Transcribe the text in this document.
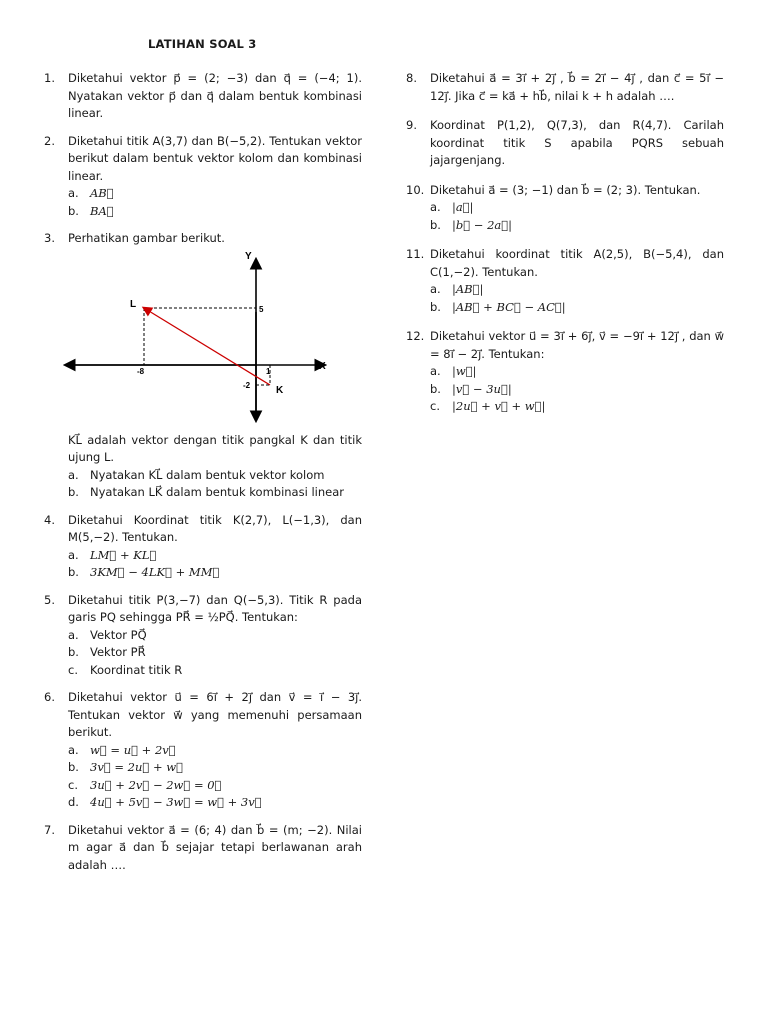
LATIHAN SOAL 3
1. Diketahui vektor p⃗ = (2; −3) dan q⃗ = (−4; 1). Nyatakan vektor p⃗ dan q⃗ dalam bentuk kombinasi linear.
2. Diketahui titik A(3,7) dan B(−5,2). Tentukan vektor berikut dalam bentuk vektor kolom dan kombinasi linear.
a. AB⃗
b. BA⃗
3. Perhatikan gambar berikut.
Y
X
L
K
5
-8
-2
1
KL⃗ adalah vektor dengan titik pangkal K dan titik ujung L.
a. Nyatakan KL⃗ dalam bentuk vektor kolom
b. Nyatakan LK⃗ dalam bentuk kombinasi linear
4. Diketahui Koordinat titik K(2,7), L(−1,3), dan M(5,−2). Tentukan.
a. LM⃗ + KL⃗
b. 3KM⃗ − 4LK⃗ + MM⃗
5. Diketahui titik P(3,−7) dan Q(−5,3). Titik R pada garis PQ sehingga PR⃗ = ½PQ⃗. Tentukan:
a. Vektor PQ⃗
b. Vektor PR⃗
c. Koordinat titik R
6. Diketahui vektor u⃗ = 6i⃗ + 2j⃗ dan v⃗ = i⃗ − 3j⃗. Tentukan vektor w⃗ yang memenuhi persamaan berikut.
a. w⃗ = u⃗ + 2v⃗
b. 3v⃗ = 2u⃗ + w⃗
c. 3u⃗ + 2v⃗ − 2w⃗ = 0⃗
d. 4u⃗ + 5v⃗ − 3w⃗ = w⃗ + 3v⃗
7. Diketahui vektor a⃗ = (6; 4) dan b⃗ = (m; −2). Nilai m agar a⃗ dan b⃗ sejajar tetapi berlawanan arah adalah ….
8. Diketahui a⃗ = 3i⃗ + 2j⃗ , b⃗ = 2i⃗ − 4j⃗ , dan c⃗ = 5i⃗ − 12j⃗. Jika c⃗ = ka⃗ + hb⃗, nilai k + h adalah ….
9. Koordinat P(1,2), Q(7,3), dan R(4,7). Carilah koordinat titik S apabila PQRS sebuah jajargenjang.
10. Diketahui a⃗ = (3; −1) dan b⃗ = (2; 3). Tentukan.
a. |a⃗|
b. |b⃗ − 2a⃗|
11. Diketahui koordinat titik A(2,5), B(−5,4), dan C(1,−2). Tentukan.
a. |AB⃗|
b. |AB⃗ + BC⃗ − AC⃗|
12. Diketahui vektor u⃗ = 3i⃗ + 6j⃗, v⃗ = −9i⃗ + 12j⃗ , dan w⃗ = 8i⃗ − 2j⃗. Tentukan:
a. |w⃗|
b. |v⃗ − 3u⃗|
c. |2u⃗ + v⃗ + w⃗|
